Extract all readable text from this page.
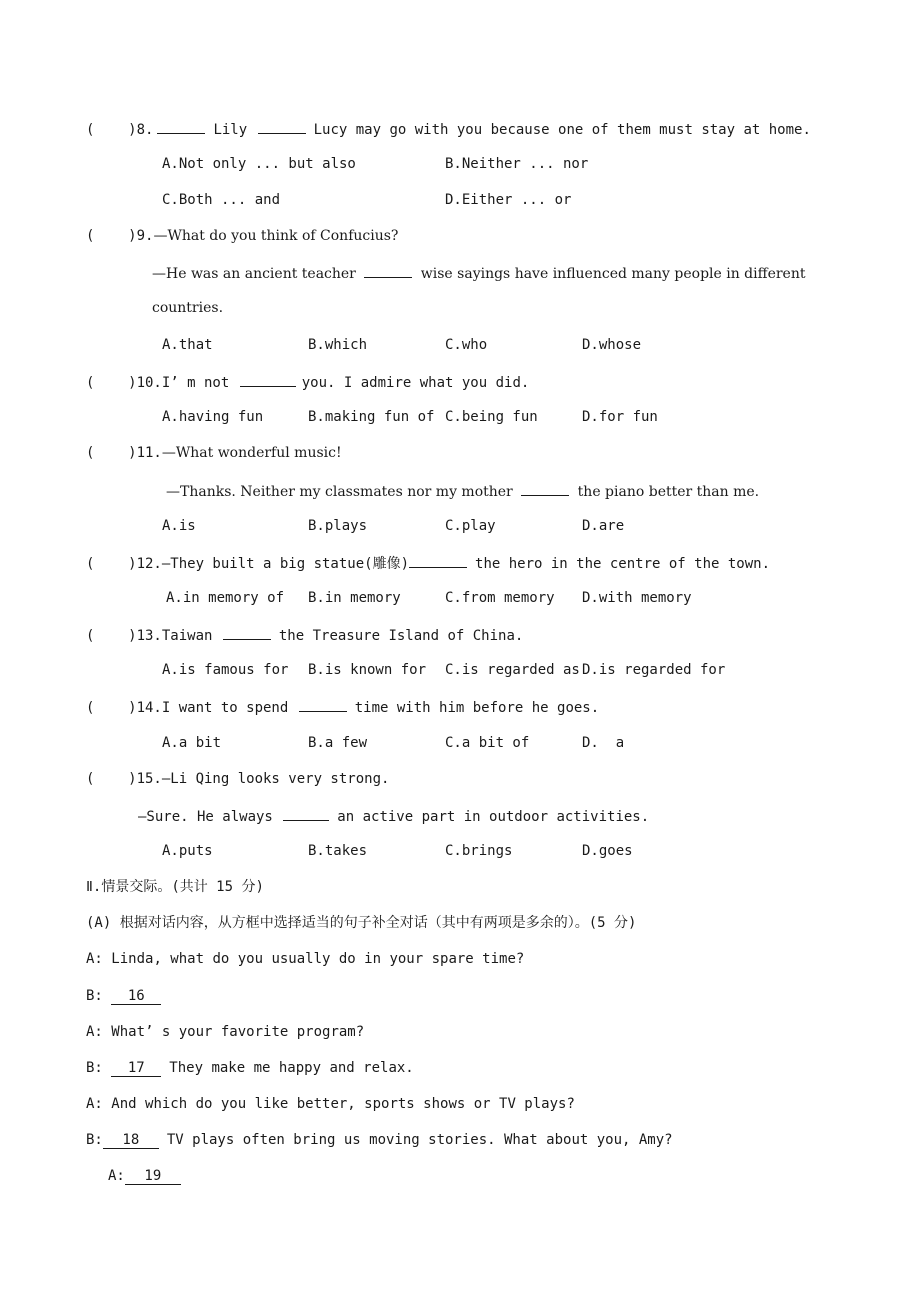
(    )8.	Lily	Lucy may go with you because one of them must stay at home.
A.Not only ... but also	B.Neither ... nor
C.Both ... and	D.Either ... or
(    )9.—What do you think of Confucius?
—He was an ancient teacher	wise sayings have influenced many people in different
countries.
A.that	B.which	C.who	D.whose
(    )10.I’ m not	you. I admire what you did.
A.having fun	B.making fun of C.being fun	D.for fun
(    )11.—What wonderful music!
—Thanks. Neither my classmates nor my mother	the piano better than me.
A.is	B.plays	C.play	D.are
(    )12.—They built a big statue(雕像)	the hero in the centre of the town.
A.in memory of B.in memory	C.from memory D.with memory
(    )13.Taiwan	the Treasure Island of China.
A.is famous for B.is known for C.is regarded as D.is regarded for
(    )14.I want to spend	time with him before he goes.
A.a bit	B.a few	C.a bit of	D.  a
(    )15.—Li Qing looks very strong.
—Sure. He always	an active part in outdoor activities.
A.puts	B.takes	C.brings	D.goes
Ⅱ.情景交际。(共计 15 分)
(A) 根据对话内容，从方框中选择适当的句子补全对话（其中有两项是多余的）。(5 分)
A: Linda, what do you usually do in your spare time?
B: 16
A: What’ s your favorite program?
B: 17 They make me happy and relax.
A: And which do you like better, sports shows or TV plays?
B: 18 TV plays often bring us moving stories. What about you, Amy?
A: 19
